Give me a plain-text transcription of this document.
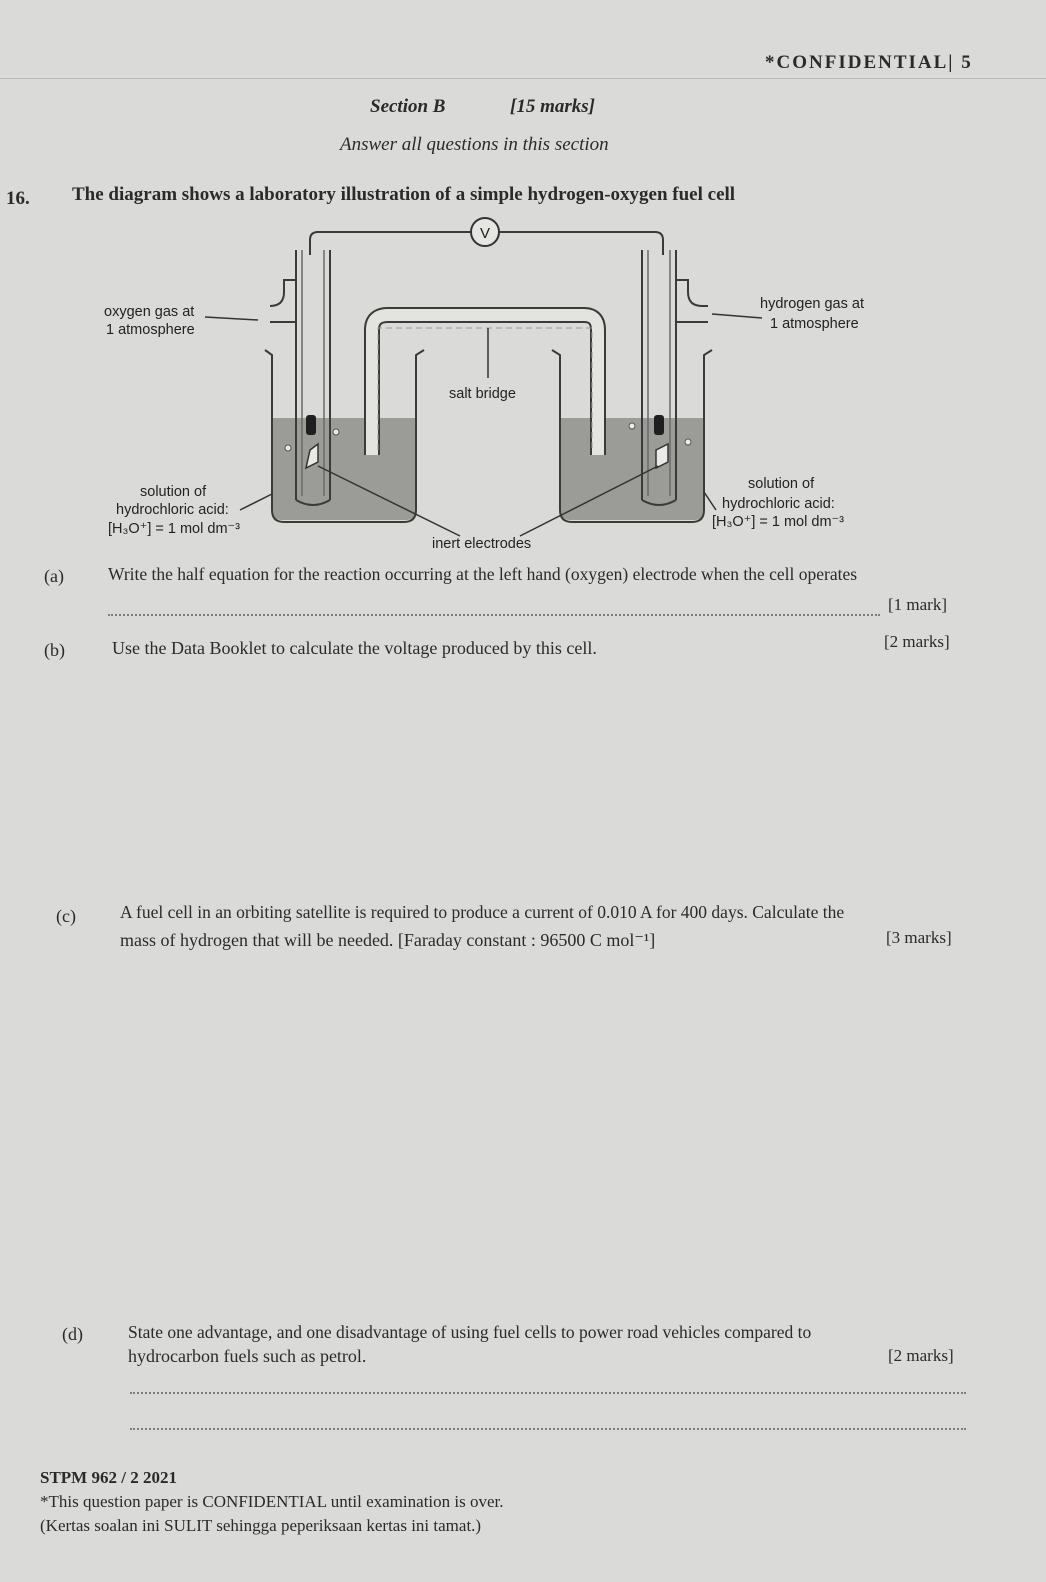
*CONFIDENTIAL| 5
Section B	[15 marks]
Answer all questions in this section
16. The diagram shows a laboratory illustration of a simple hydrogen-oxygen fuel cell
V
oxygen gas at
1 atmosphere
hydrogen gas at
1 atmosphere
salt bridge
solution of
hydrochloric acid:
[H₃O⁺] = 1 mol dm⁻³
solution of
hydrochloric acid:
[H₃O⁺] = 1 mol dm⁻³
inert electrodes
(a)	Write the half equation for the reaction occurring at the left hand (oxygen) electrode when the cell operates
[1 mark]
(b)	Use the Data Booklet to calculate the voltage produced by this cell.	[2 marks]
(c)	A fuel cell in an orbiting satellite is required to produce a current of 0.010 A for 400 days. Calculate the
mass of hydrogen that will be needed. [Faraday constant : 96500 C mol⁻¹]	[3 marks]
(d)	State one advantage, and one disadvantage of using fuel cells to power road vehicles compared to
hydrocarbon fuels such as petrol.	[2 marks]
STPM 962 / 2 2021
*This question paper is CONFIDENTIAL until examination is over.
(Kertas soalan ini SULIT sehingga peperiksaan kertas ini tamat.)
